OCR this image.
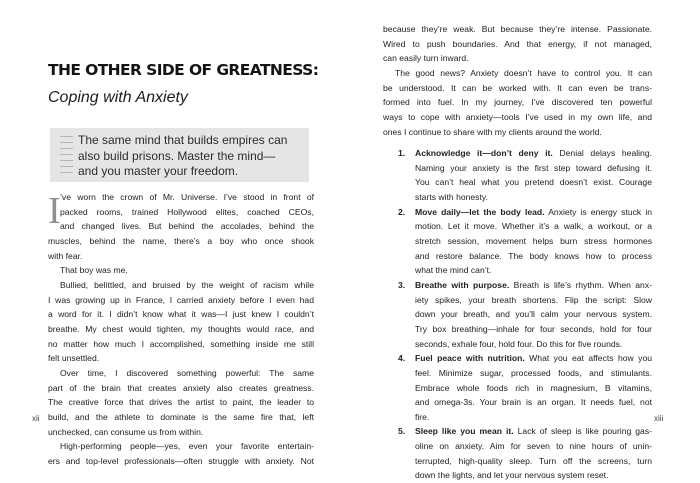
THE OTHER SIDE OF GREATNESS:
Coping with Anxiety

The same mind that builds empires can
also build prisons. Master the mind—
and you master your freedom.

I ’ve worn the crown of Mr. Universe. I’ve stood in front of

packed rooms, trained Hollywood elites, coached CEOs,

and changed lives. But behind the accolades, behind the

muscles, behind the name, there’s a boy who once shook

with fear.

That boy was me.

Bullied, belittled, and bruised by the weight of racism while

I was growing up in France, I carried anxiety before I even had

a word for it. I didn’t know what it was—I just knew I couldn’t

breathe. My chest would tighten, my thoughts would race, and

no matter how much I accomplished, something inside me still

felt unsettled.

Over time, I discovered something powerful: The same

part of the brain that creates anxiety also creates greatness.

The creative force that drives the artist to paint, the leader to

build, and the athlete to dominate is the same fire that, left

unchecked, can consume us from within.

High-performing people—yes, even your favorite entertain-

ers and top-level professionals—often struggle with anxiety. Not

xii

because they’re weak. But because they’re intense. Passionate.

Wired to push boundaries. And that energy, if not managed,

can easily turn inward.

The good news? Anxiety doesn’t have to control you. It can

be understood. It can be worked with. It can even be trans-

formed into fuel. In my journey, I’ve discovered ten powerful

ways to cope with anxiety—tools I’ve used in my own life, and

ones I continue to share with my clients around the world.

1. Acknowledge it—don’t deny it. Denial delays healing.

Naming your anxiety is the first step toward defusing it.

You can’t heal what you pretend doesn’t exist. Courage

starts with honesty.

2. Move daily—let the body lead. Anxiety is energy stuck in

motion. Let it move. Whether it’s a walk, a workout, or a

stretch session, movement helps burn stress hormones

and restore balance. The body knows how to process

what the mind can’t.

3. Breathe with purpose. Breath is life’s rhythm. When anx-

iety spikes, your breath shortens. Flip the script: Slow

down your breath, and you’ll calm your nervous system.

Try box breathing—inhale for four seconds, hold for four

seconds, exhale four, hold four. Do this for five rounds.

4. Fuel peace with nutrition. What you eat affects how you

feel. Minimize sugar, processed foods, and stimulants.

Embrace whole foods rich in magnesium, B vitamins,

and omega-3s. Your brain is an organ. It needs fuel, not

fire.

5. Sleep like you mean it. Lack of sleep is like pouring gas-

oline on anxiety. Aim for seven to nine hours of unin-

terrupted, high-quality sleep. Turn off the screens, turn

down the lights, and let your nervous system reset.

xiii
